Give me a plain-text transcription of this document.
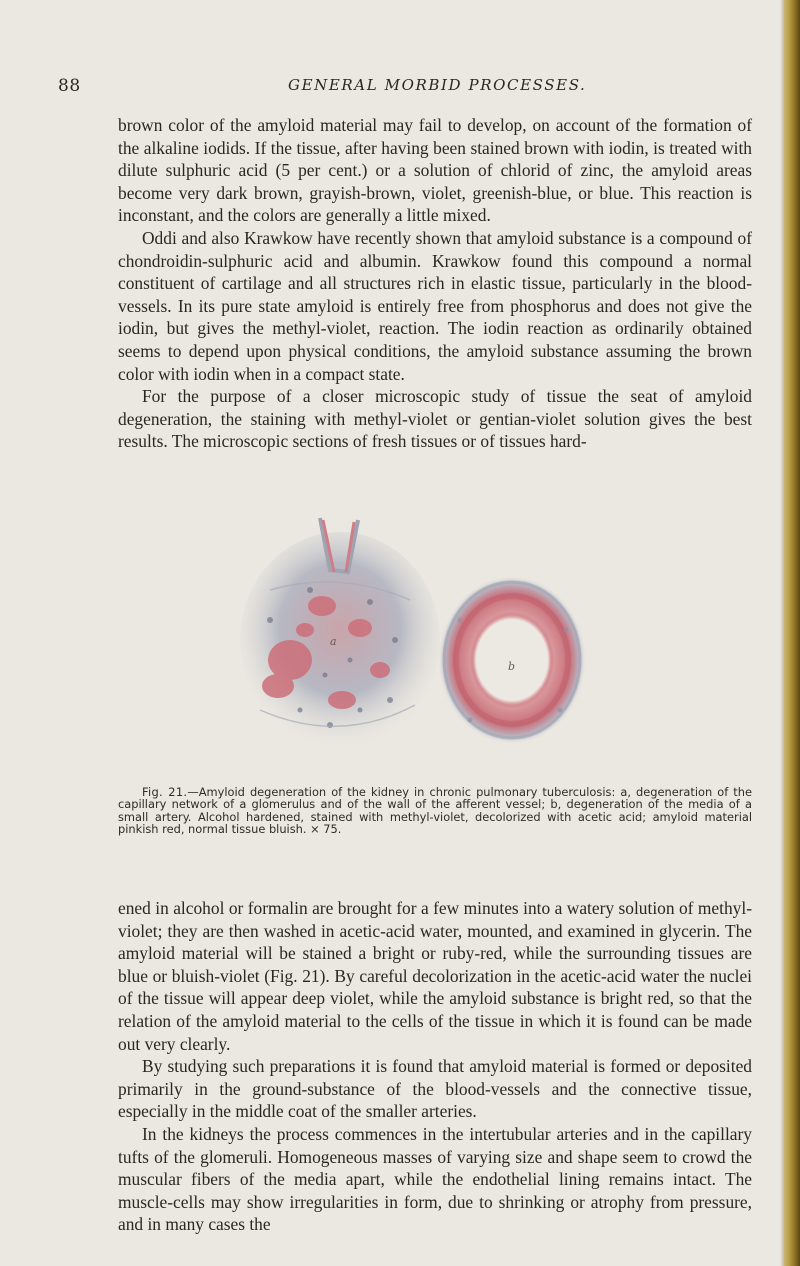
88	GENERAL MORBID PROCESSES.

brown color of the amyloid material may fail to develop, on account of the formation of the alkaline iodids. If the tissue, after having been stained brown with iodin, is treated with dilute sulphuric acid (5 per cent.) or a solution of chlorid of zinc, the amyloid areas become very dark brown, grayish-brown, violet, greenish-blue, or blue. This reaction is inconstant, and the colors are generally a little mixed.

Oddi and also Krawkow have recently shown that amyloid substance is a compound of chondroidin-sulphuric acid and albumin. Krawkow found this compound a normal constituent of cartilage and all structures rich in elastic tissue, particularly in the blood-vessels. In its pure state amyloid is entirely free from phosphorus and does not give the iodin, but gives the methyl-violet, reaction. The iodin reaction as ordinarily obtained seems to depend upon physical conditions, the amyloid substance assuming the brown color with iodin when in a compact state.

For the purpose of a closer microscopic study of tissue the seat of amyloid degeneration, the staining with methyl-violet or gentian-violet solution gives the best results. The microscopic sections of fresh tissues or of tissues hard-

a
b
Fig. 21.—Amyloid degeneration of the kidney in chronic pulmonary tuberculosis: a, degeneration of the capillary network of a glomerulus and of the wall of the afferent vessel; b, degeneration of the media of a small artery. Alcohol hardened, stained with methyl-violet, decolorized with acetic acid; amyloid material pinkish red, normal tissue bluish. × 75.

ened in alcohol or formalin are brought for a few minutes into a watery solution of methyl-violet; they are then washed in acetic-acid water, mounted, and examined in glycerin. The amyloid material will be stained a bright or ruby-red, while the surrounding tissues are blue or bluish-violet (Fig. 21). By careful decolorization in the acetic-acid water the nuclei of the tissue will appear deep violet, while the amyloid substance is bright red, so that the relation of the amyloid material to the cells of the tissue in which it is found can be made out very clearly.

By studying such preparations it is found that amyloid material is formed or deposited primarily in the ground-substance of the blood-vessels and the connective tissue, especially in the middle coat of the smaller arteries.

In the kidneys the process commences in the intertubular arteries and in the capillary tufts of the glomeruli. Homogeneous masses of varying size and shape seem to crowd the muscular fibers of the media apart, while the endothelial lining remains intact. The muscle-cells may show irregularities in form, due to shrinking or atrophy from pressure, and in many cases the
